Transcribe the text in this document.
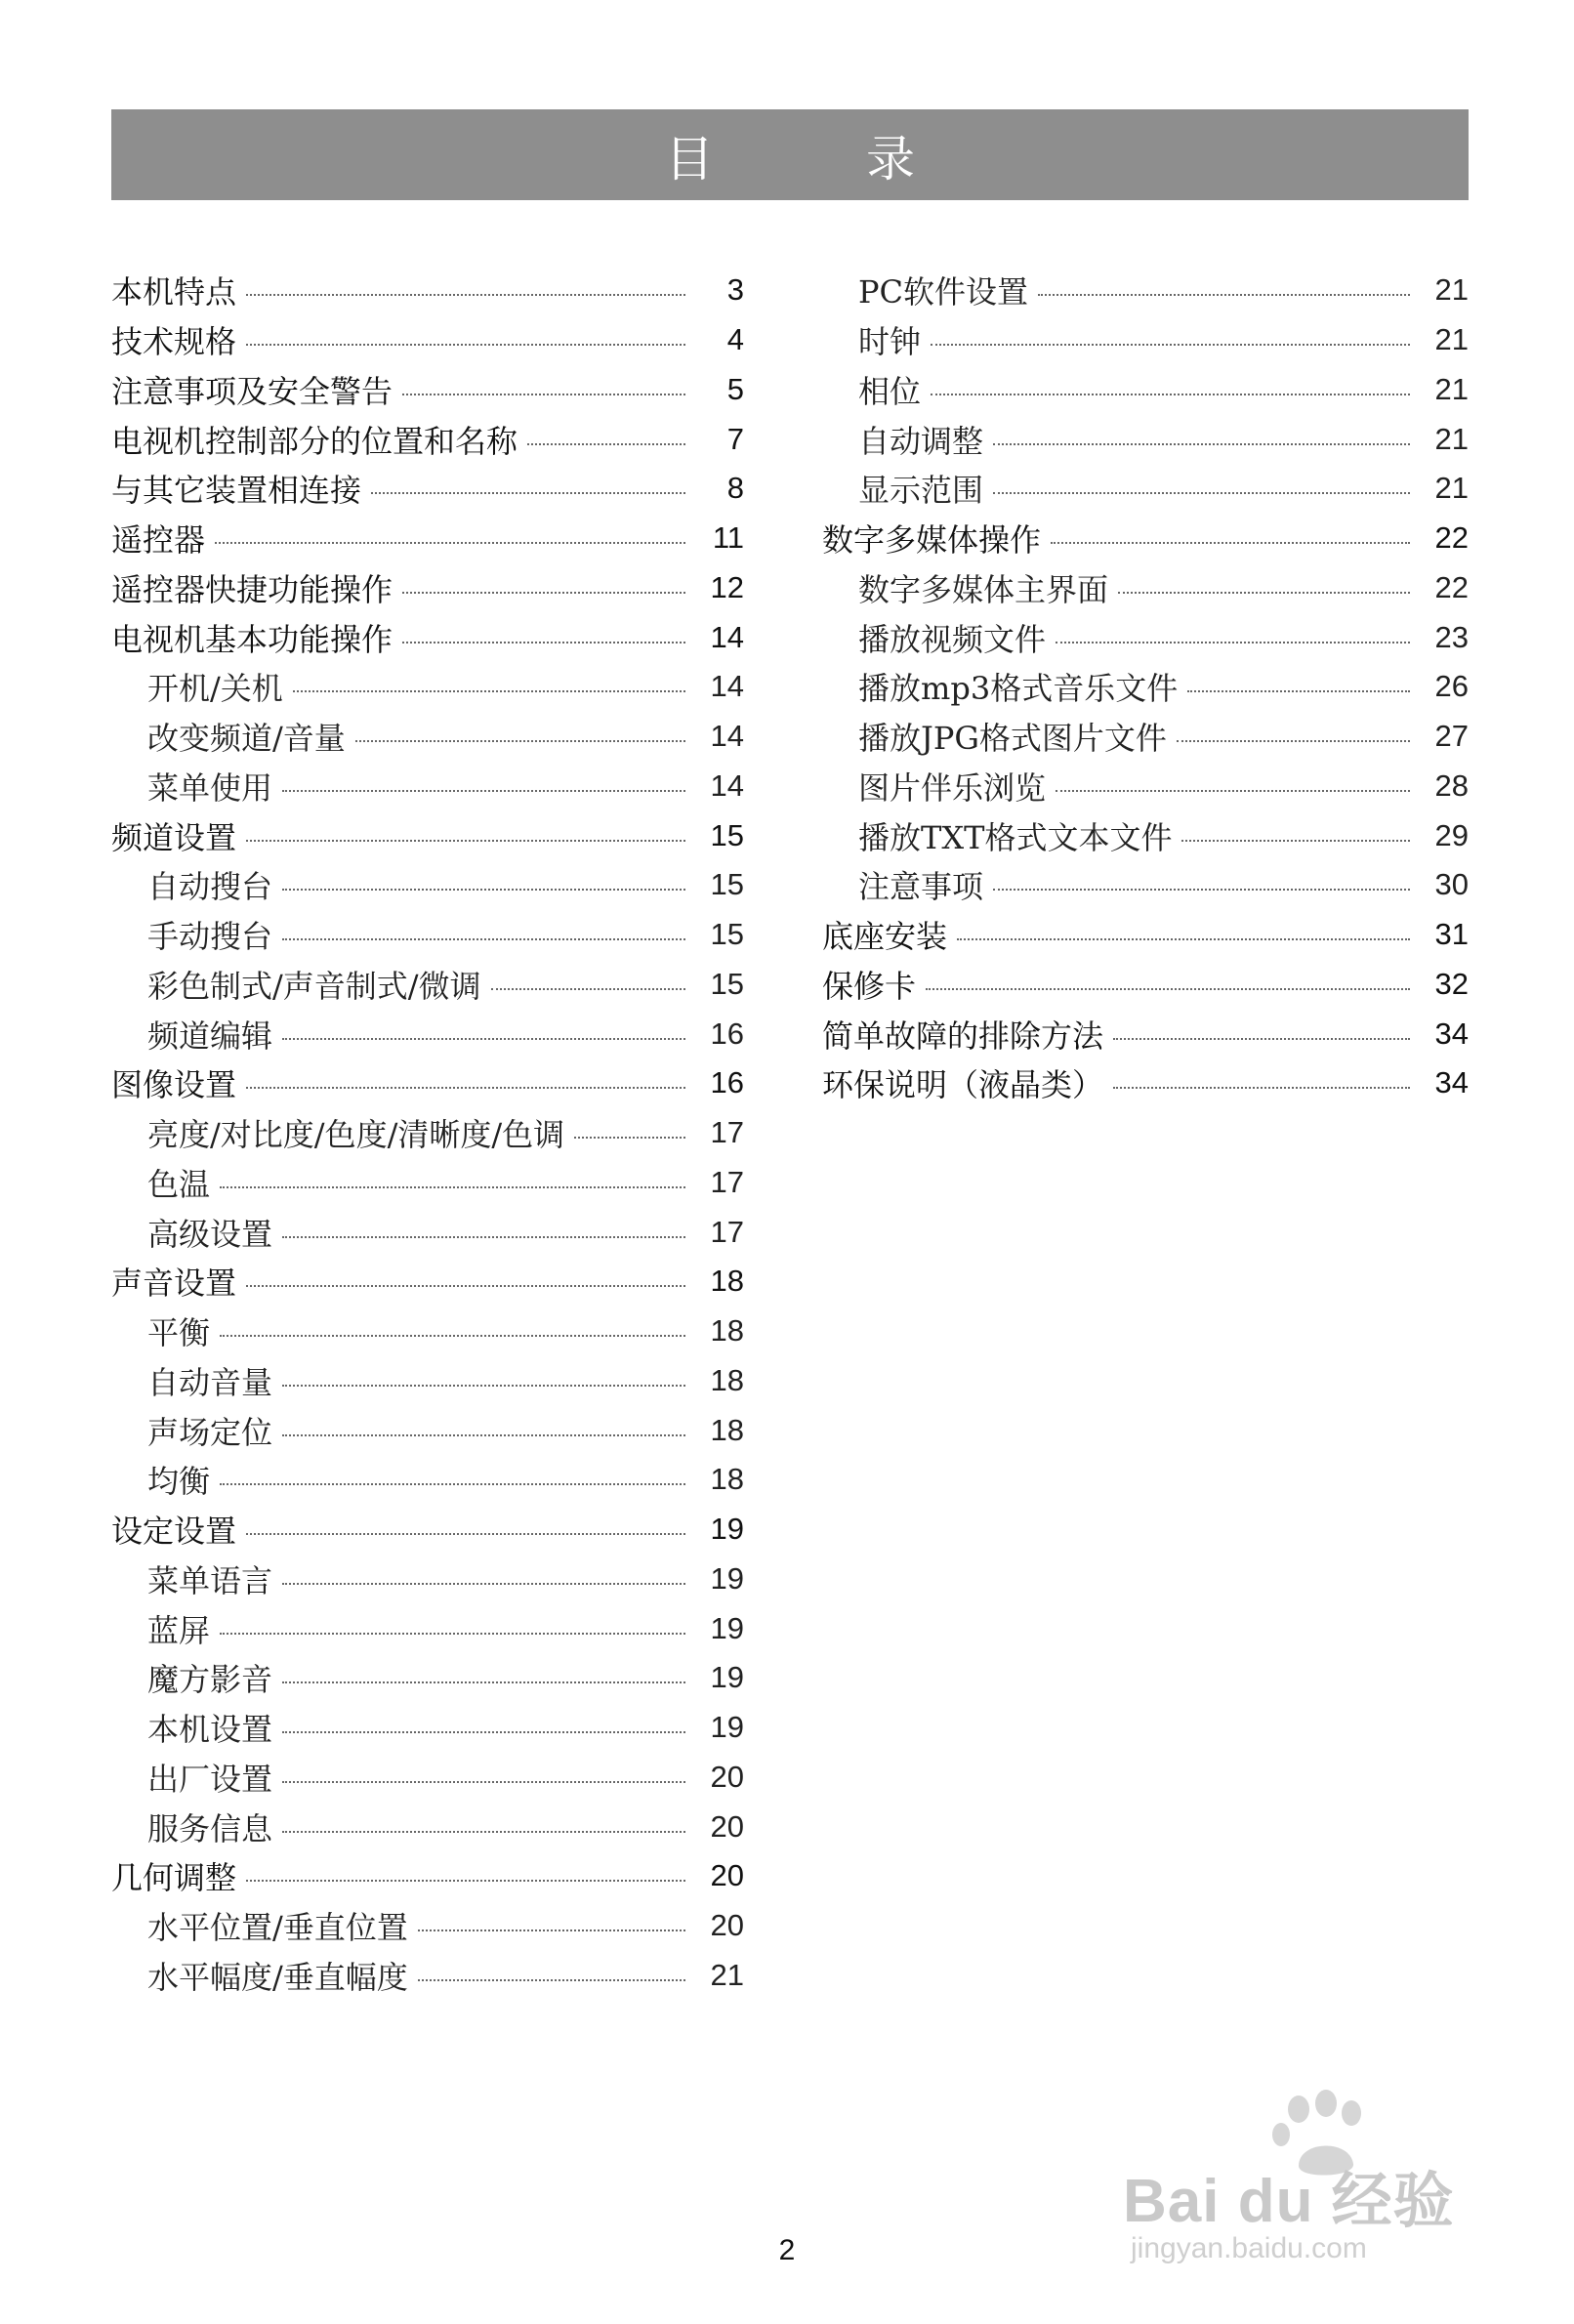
目 录
本机特点	3
技术规格	4
注意事项及安全警告	5
电视机控制部分的位置和名称	7
与其它装置相连接	8
遥控器	11
遥控器快捷功能操作	12
电视机基本功能操作	14
开机/关机	14
改变频道/音量	14
菜单使用	14
频道设置	15
自动搜台	15
手动搜台	15
彩色制式/声音制式/微调	15
频道编辑	16
图像设置	16
亮度/对比度/色度/清晰度/色调	17
色温	17
高级设置	17
声音设置	18
平衡	18
自动音量	18
声场定位	18
均衡	18
设定设置	19
菜单语言	19
蓝屏	19
魔方影音	19
本机设置	19
出厂设置	20
服务信息	20
几何调整	20
水平位置/垂直位置	20
水平幅度/垂直幅度	21
PC软件设置	21
时钟	21
相位	21
自动调整	21
显示范围	21
数字多媒体操作	22
数字多媒体主界面	22
播放视频文件	23
播放mp3格式音乐文件	26
播放JPG格式图片文件	27
图片伴乐浏览	28
播放TXT格式文本文件	29
注意事项	30
底座安装	31
保修卡	32
简单故障的排除方法	34
环保说明（液晶类）	34
2
Bai du 经验
jingyan.baidu.com
